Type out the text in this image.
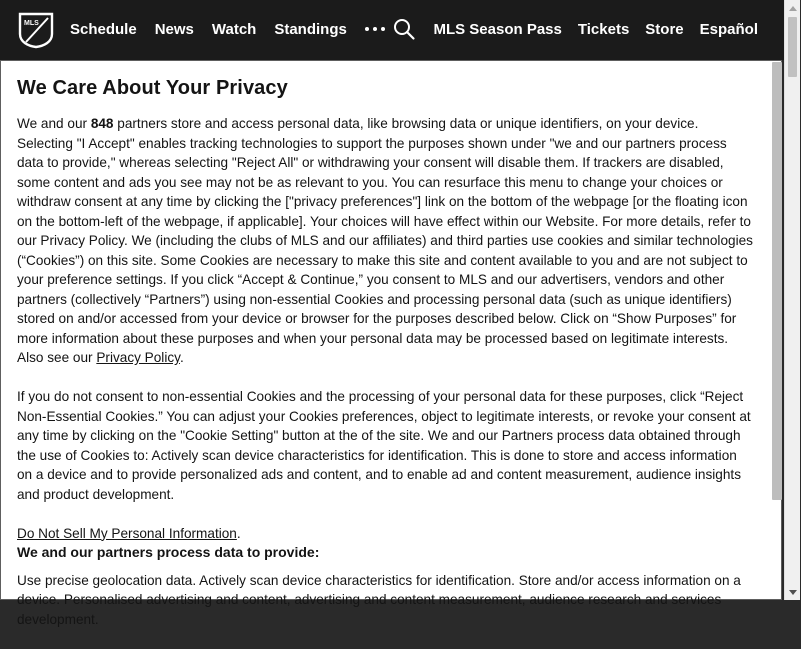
MLS Schedule News Watch Standings	MLS Season Pass Tickets Store Español
We Care About Your Privacy

We and our 848 partners store and access personal data, like browsing data or unique identifiers, on your device. Selecting "I Accept" enables tracking technologies to support the purposes shown under "we and our partners process data to provide," whereas selecting "Reject All" or withdrawing your consent will disable them. If trackers are disabled, some content and ads you see may not be as relevant to you. You can resurface this menu to change your choices or withdraw consent at any time by clicking the ["privacy preferences"] link on the bottom of the webpage [or the floating icon on the bottom-left of the webpage, if applicable]. Your choices will have effect within our Website. For more details, refer to our Privacy Policy. We (including the clubs of MLS and our affiliates) and third parties use cookies and similar technologies (“Cookies”) on this site. Some Cookies are necessary to make this site and content available to you and are not subject to your preference settings. If you click “Accept & Continue,” you consent to MLS and our advertisers, vendors and other partners (collectively “Partners”) using non-essential Cookies and processing personal data (such as unique identifiers) stored on and/or accessed from your device or browser for the purposes described below. Click on “Show Purposes” for more information about these purposes and when your personal data may be processed based on legitimate interests. Also see our Privacy Policy.

If you do not consent to non-essential Cookies and the processing of your personal data for these purposes, click “Reject Non-Essential Cookies.” You can adjust your Cookies preferences, object to legitimate interests, or revoke your consent at any time by clicking on the "Cookie Setting" button at the of the site. We and our Partners process data obtained through the use of Cookies to: Actively scan device characteristics for identification. This is done to store and access information on a device and to provide personalized ads and content, and to enable ad and content measurement, audience insights and product development.

Do Not Sell My Personal Information.

We and our partners process data to provide:

Use precise geolocation data. Actively scan device characteristics for identification. Store and/or access information on a device. Personalised advertising and content, advertising and content measurement, audience research and services development.
